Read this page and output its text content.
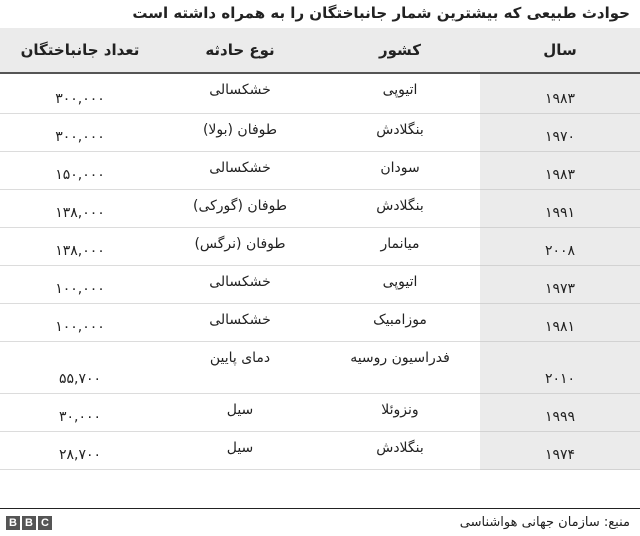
حوادث طبیعی که بیشترین شمار جانباختگان را به همراه داشته است
سال	کشور	نوع حادثه	تعداد جانباختگان
۱۹۸۳	اتیوپی	خشکسالی	۳۰۰,۰۰۰
۱۹۷۰	بنگلادش	طوفان (بولا)	۳۰۰,۰۰۰
۱۹۸۳	سودان	خشکسالی	۱۵۰,۰۰۰
۱۹۹۱	بنگلادش	طوفان (گورکی)	۱۳۸,۰۰۰
۲۰۰۸	میانمار	طوفان (نرگس)	۱۳۸,۰۰۰
۱۹۷۳	اتیوپی	خشکسالی	۱۰۰,۰۰۰
۱۹۸۱	موزامبیک	خشکسالی	۱۰۰,۰۰۰
۲۰۱۰	فدراسیون روسیه	دمای پایین	۵۵,۷۰۰
۱۹۹۹	ونزوئلا	سیل	۳۰,۰۰۰
۱۹۷۴	بنگلادش	سیل	۲۸,۷۰۰
منبع: سازمان جهانی هواشناسی
B B C
